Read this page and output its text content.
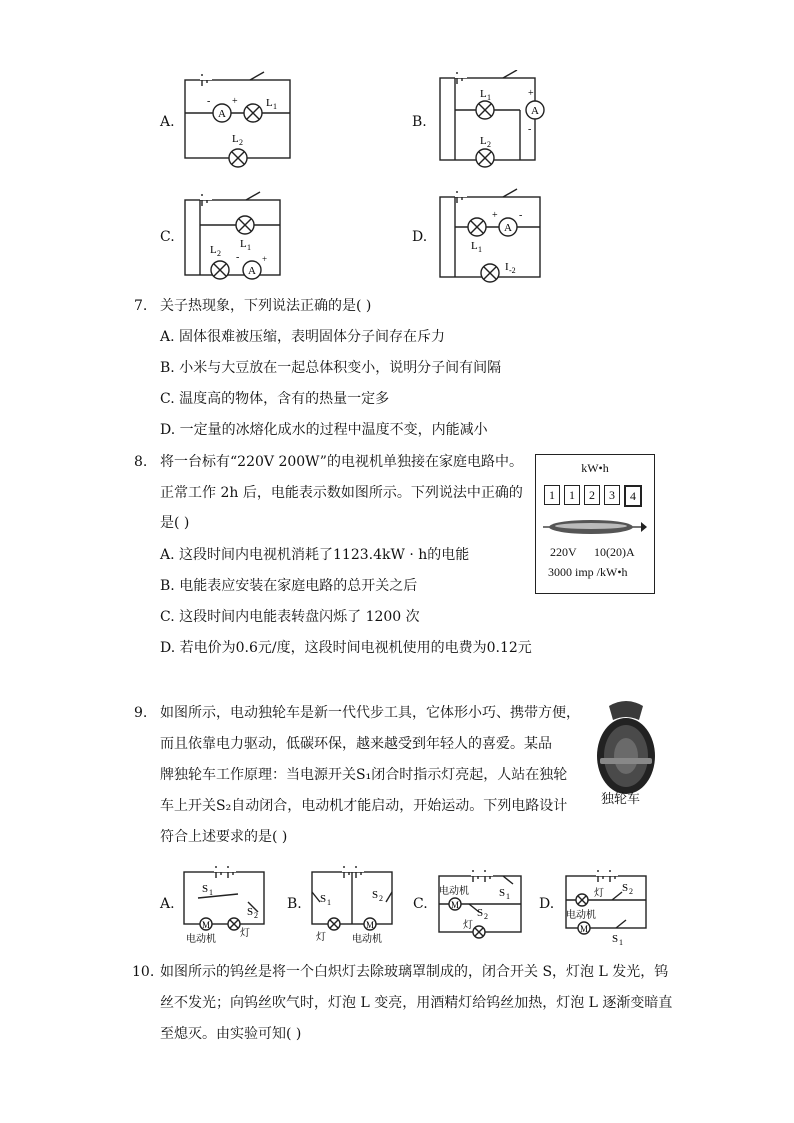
A.	A
- +	L 1
L 2
B.
A
+
-
L 1
L 2
C.
A
-	+
L 1
L 2
D.
A
+ -
L 1
I -2
7. 关子热现象，下列说法正确的是( )
A. 固体很难被压缩，表明固体分子间存在斥力
B. 小米与大豆放在一起总体积变小，说明分子间有间隔
C. 温度高的物体，含有的热量一定多
D. 一定量的冰熔化成水的过程中温度不变，内能减小
8. 将一台标有“220V 200W”的电视机单独接在家庭电路中。
正常工作 2h 后，电能表示数如图所示。下列说法中正确的
是( )
A. 这段时间内电视机消耗了1123.4kW · h的电能
B. 电能表应安装在家庭电路的总开关之后
C. 这段时间内电能表转盘闪烁了 1200 次
D. 若电价为0.6元/度，这段时间电视机使用的电费为0.12元
kW•h
1	1	2	3	4
220V 10(20)A
3000 imp /kW•h
9. 如图所示，电动独轮车是新一代代步工具，它体形小巧、携带方便，
而且依靠电力驱动，低碳环保，越来越受到年轻人的喜爱。某品
牌独轮车工作原理：当电源开关S₁闭合时指示灯亮起，人站在独轮
车上开关S₂自动闭合，电动机才能启动，开始运动。下列电路设计
符合上述要求的是( )
独轮车
A.
M
S 1
S 2
电动机
灯
B.
M
S 1
S 2
灯	电动机
C.	M
电动机	S 1
S 2
灯
D.
M
灯 S 2
电动机
S 1
10. 如图所示的钨丝是将一个白炽灯去除玻璃罩制成的，闭合开关 S，灯泡 L 发光，钨
丝不发光；向钨丝吹气时，灯泡 L 变亮，用酒精灯给钨丝加热，灯泡 L 逐渐变暗直
至熄灭。由实验可知( )
